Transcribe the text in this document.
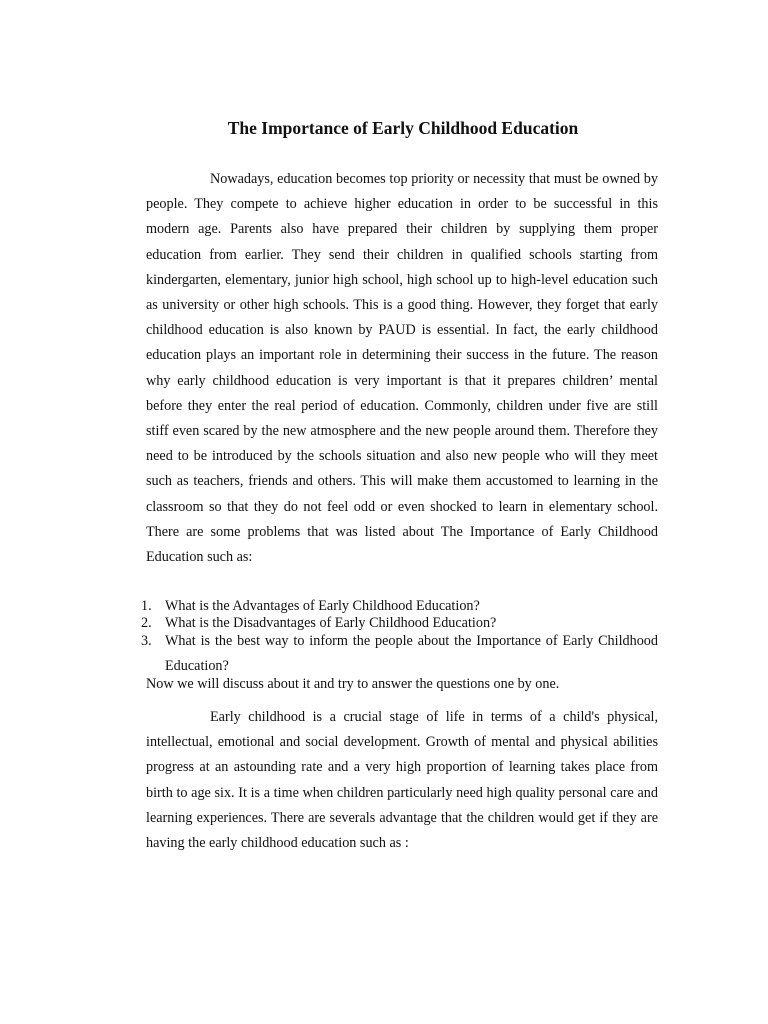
The Importance of Early Childhood Education

Nowadays, education becomes top priority or necessity that must be owned by people. They compete to achieve higher education in order to be successful in this modern age. Parents also have prepared their children by supplying them proper education from earlier. They send their children in qualified schools starting from kindergarten, elementary, junior high school, high school up to high-level education such as university or other high schools. This is a good thing. However, they forget that early childhood education is also known by PAUD is essential. In fact, the early childhood education plays an important role in determining their success in the future. The reason why early childhood education is very important is that it prepares children’ mental before they enter the real period of education. Commonly, children under five are still stiff even scared by the new atmosphere and the new people around them. Therefore they need to be introduced by the schools situation and also new people who will they meet such as teachers, friends and others. This will make them accustomed to learning in the classroom so that they do not feel odd or even shocked to learn in elementary school. There are some problems that was listed about The Importance of Early Childhood Education such as:

1. What is the Advantages of Early Childhood Education?
2. What is the Disadvantages of Early Childhood Education?
3. What is the best way to inform the people about the Importance of Early Childhood Education?

Now we will discuss about it and try to answer the questions one by one.

Early childhood is a crucial stage of life in terms of a child's physical, intellectual, emotional and social development. Growth of mental and physical abilities progress at an astounding rate and a very high proportion of learning takes place from birth to age six. It is a time when children particularly need high quality personal care and learning experiences. There are severals advantage that the children would get if they are having the early childhood education such as :
